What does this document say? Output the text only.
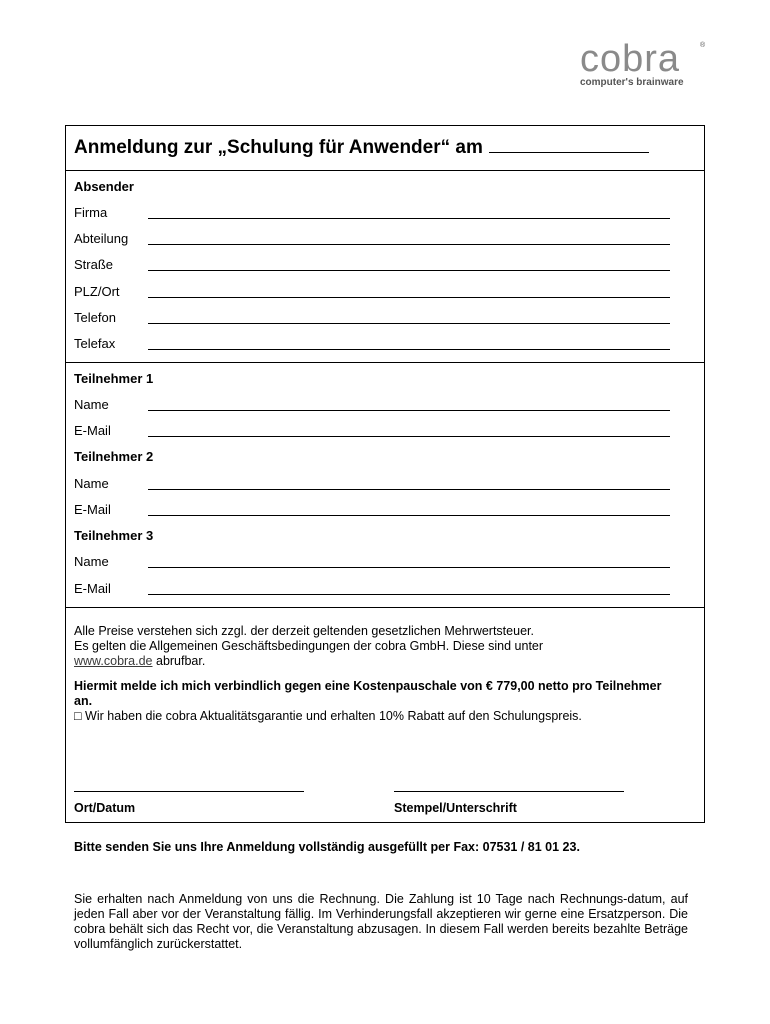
cobra	®
computer's brainware
Anmeldung zur „Schulung für Anwender“ am
Absender
Firma
Abteilung
Straße
PLZ/Ort
Telefon
Telefax
Teilnehmer 1
Name
E-Mail
Teilnehmer 2
Name
E-Mail
Teilnehmer 3
Name
E-Mail
Alle Preise verstehen sich zzgl. der derzeit geltenden gesetzlichen Mehrwertsteuer.
Es gelten die Allgemeinen Geschäftsbedingungen der cobra GmbH. Diese sind unter
www.cobra.de abrufbar.
Hiermit melde ich mich verbindlich gegen eine Kostenpauschale von € 779,00 netto pro Teilnehmer an.
□ Wir haben die cobra Aktualitätsgarantie und erhalten 10% Rabatt auf den Schulungspreis.
Ort/Datum	Stempel/Unterschrift
Bitte senden Sie uns Ihre Anmeldung vollständig ausgefüllt per Fax: 07531 / 81 01 23.
Sie erhalten nach Anmeldung von uns die Rechnung. Die Zahlung ist 10 Tage nach Rechnungs-datum, auf jeden Fall aber vor der Veranstaltung fällig. Im Verhinderungsfall akzeptieren wir gerne eine Ersatzperson. Die cobra behält sich das Recht vor, die Veranstaltung abzusagen. In diesem Fall werden bereits bezahlte Beträge vollumfänglich zurückerstattet.
